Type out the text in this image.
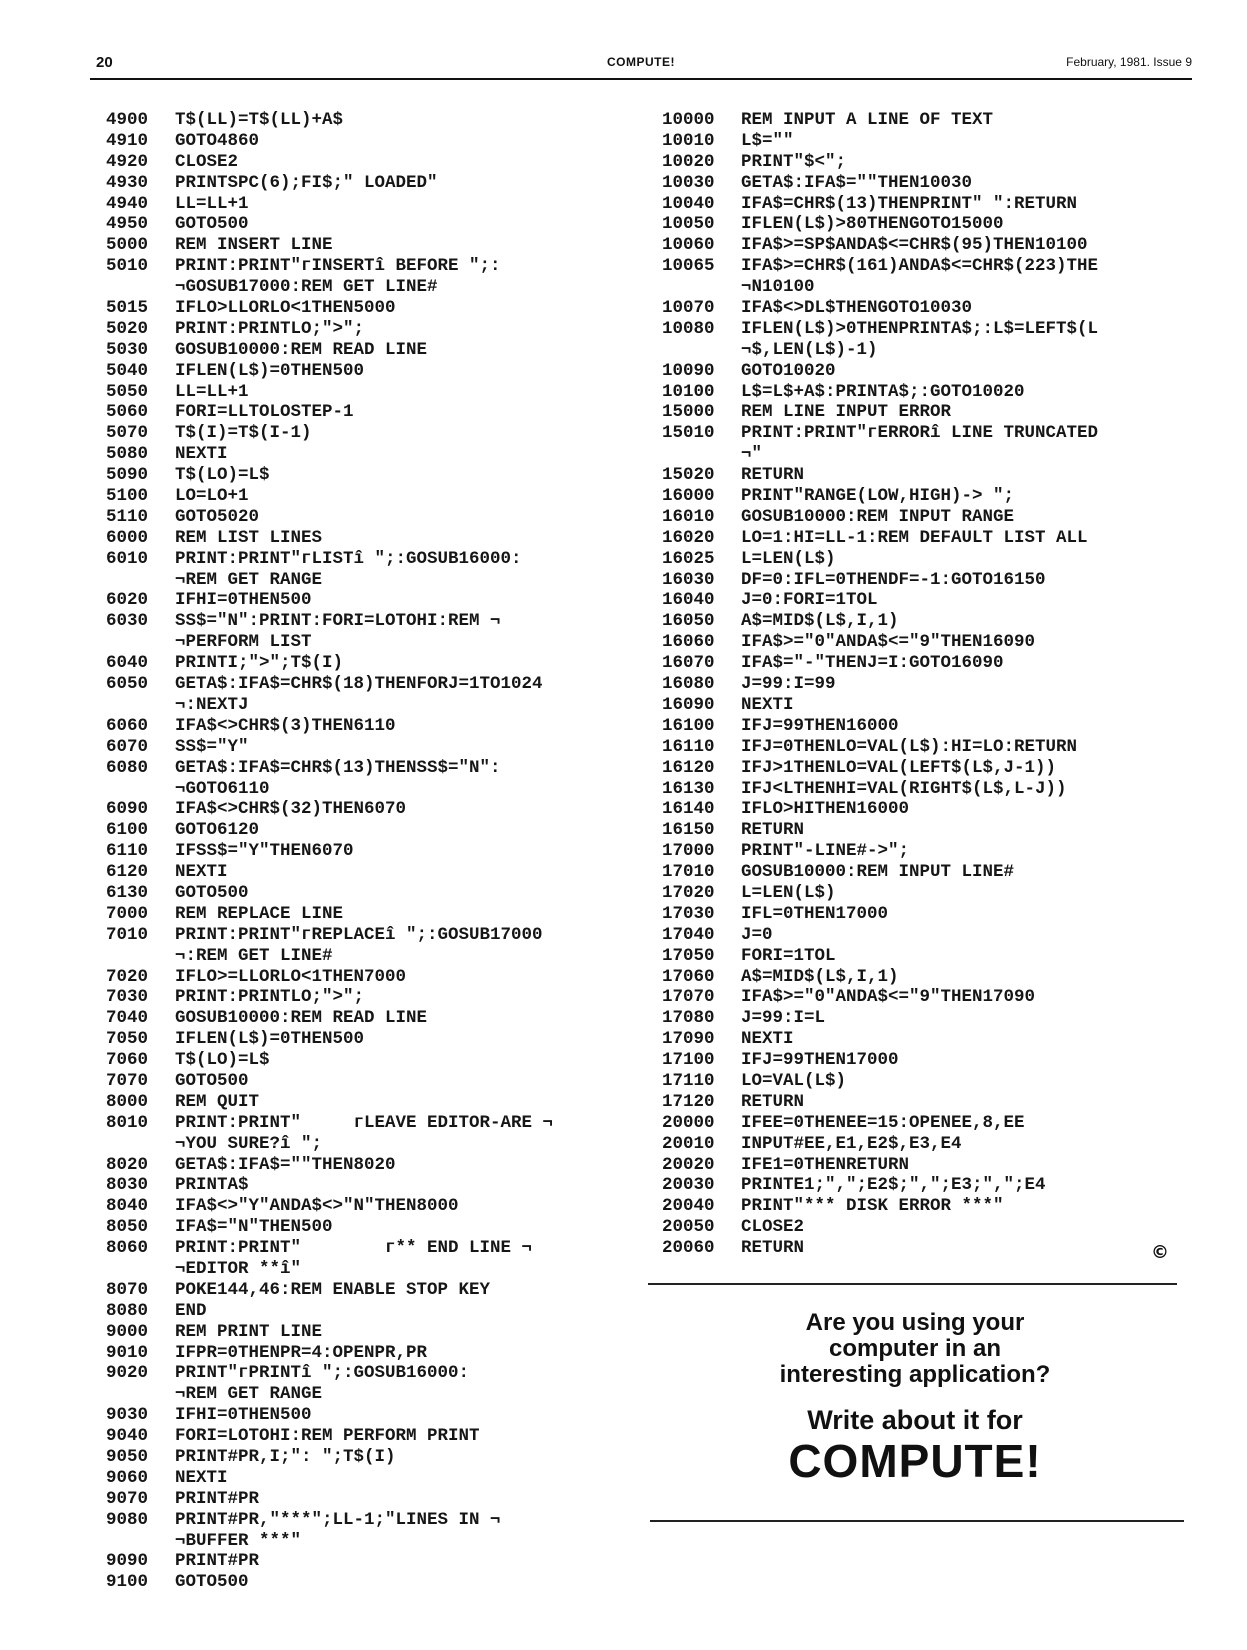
20	COMPUTE!	February, 1981. Issue 9
4900	T$(LL)=T$(LL)+A$
4910	GOTO4860
4920	CLOSE2
4930	PRINTSPC(6);FI$;" LOADED"
4940	LL=LL+1
4950	GOTO500
5000	REM INSERT LINE
5010	PRINT:PRINT"гINSERTî BEFORE ";:
¬GOSUB17000:REM GET LINE#
5015	IFLO>LLORLO<1THEN5000
5020	PRINT:PRINTLO;">";
5030	GOSUB10000:REM READ LINE
5040	IFLEN(L$)=0THEN500
5050	LL=LL+1
5060	FORI=LLTOLOSTEP-1
5070	T$(I)=T$(I-1)
5080	NEXTI
5090	T$(LO)=L$
5100	LO=LO+1
5110	GOTO5020
6000	REM LIST LINES
6010	PRINT:PRINT"гLISTî ";:GOSUB16000:
¬REM GET RANGE
6020	IFHI=0THEN500
6030	SS$="N":PRINT:FORI=LOTOHI:REM ¬
¬PERFORM LIST
6040	PRINTI;">";T$(I)
6050	GETA$:IFA$=CHR$(18)THENFORJ=1TO1024
¬:NEXTJ
6060	IFA$<>CHR$(3)THEN6110
6070	SS$="Y"
6080	GETA$:IFA$=CHR$(13)THENSS$="N":
¬GOTO6110
6090	IFA$<>CHR$(32)THEN6070
6100	GOTO6120
6110	IFSS$="Y"THEN6070
6120	NEXTI
6130	GOTO500
7000	REM REPLACE LINE
7010	PRINT:PRINT"гREPLACEî ";:GOSUB17000
¬:REM GET LINE#
7020	IFLO>=LLORLO<1THEN7000
7030	PRINT:PRINTLO;">";
7040	GOSUB10000:REM READ LINE
7050	IFLEN(L$)=0THEN500
7060	T$(LO)=L$
7070	GOTO500
8000	REM QUIT
8010	PRINT:PRINT"     гLEAVE EDITOR-ARE ¬
¬YOU SURE?î ";
8020	GETA$:IFA$=""THEN8020
8030	PRINTA$
8040	IFA$<>"Y"ANDA$<>"N"THEN8000
8050	IFA$="N"THEN500
8060	PRINT:PRINT"        г** END LINE ¬
¬EDITOR **î"
8070	POKE144,46:REM ENABLE STOP KEY
8080	END
9000	REM PRINT LINE
9010	IFPR=0THENPR=4:OPENPR,PR
9020	PRINT"гPRINTî ";:GOSUB16000:
¬REM GET RANGE
9030	IFHI=0THEN500
9040	FORI=LOTOHI:REM PERFORM PRINT
9050	PRINT#PR,I;": ";T$(I)
9060	NEXTI
9070	PRINT#PR
9080	PRINT#PR,"***";LL-1;"LINES IN ¬
¬BUFFER ***"
9090	PRINT#PR
9100	GOTO500
10000	REM INPUT A LINE OF TEXT
10010	L$=""
10020	PRINT"$<";
10030	GETA$:IFA$=""THEN10030
10040	IFA$=CHR$(13)THENPRINT" ":RETURN
10050	IFLEN(L$)>80THENGOTO15000
10060	IFA$>=SP$ANDA$<=CHR$(95)THEN10100
10065	IFA$>=CHR$(161)ANDA$<=CHR$(223)THE
¬N10100
10070	IFA$<>DL$THENGOTO10030
10080	IFLEN(L$)>0THENPRINTA$;:L$=LEFT$(L
¬$,LEN(L$)-1)
10090	GOTO10020
10100	L$=L$+A$:PRINTA$;:GOTO10020
15000	REM LINE INPUT ERROR
15010	PRINT:PRINT"гERRORî LINE TRUNCATED
¬"
15020	RETURN
16000	PRINT"RANGE(LOW,HIGH)-> ";
16010	GOSUB10000:REM INPUT RANGE
16020	LO=1:HI=LL-1:REM DEFAULT LIST ALL
16025	L=LEN(L$)
16030	DF=0:IFL=0THENDF=-1:GOTO16150
16040	J=0:FORI=1TOL
16050	A$=MID$(L$,I,1)
16060	IFA$>="0"ANDA$<="9"THEN16090
16070	IFA$="-"THENJ=I:GOTO16090
16080	J=99:I=99
16090	NEXTI
16100	IFJ=99THEN16000
16110	IFJ=0THENLO=VAL(L$):HI=LO:RETURN
16120	IFJ>1THENLO=VAL(LEFT$(L$,J-1))
16130	IFJ<LTHENHI=VAL(RIGHT$(L$,L-J))
16140	IFLO>HITHEN16000
16150	RETURN
17000	PRINT"-LINE#->";
17010	GOSUB10000:REM INPUT LINE#
17020	L=LEN(L$)
17030	IFL=0THEN17000
17040	J=0
17050	FORI=1TOL
17060	A$=MID$(L$,I,1)
17070	IFA$>="0"ANDA$<="9"THEN17090
17080	J=99:I=L
17090	NEXTI
17100	IFJ=99THEN17000
17110	LO=VAL(L$)
17120	RETURN
20000	IFEE=0THENEE=15:OPENEE,8,EE
20010	INPUT#EE,E1,E2$,E3,E4
20020	IFE1=0THENRETURN
20030	PRINTE1;",";E2$;",";E3;",";E4
20040	PRINT"*** DISK ERROR ***"
20050	CLOSE2
20060	RETURN	©
Are you using your
computer in an
interesting application?
Write about it for
COMPUTE!
